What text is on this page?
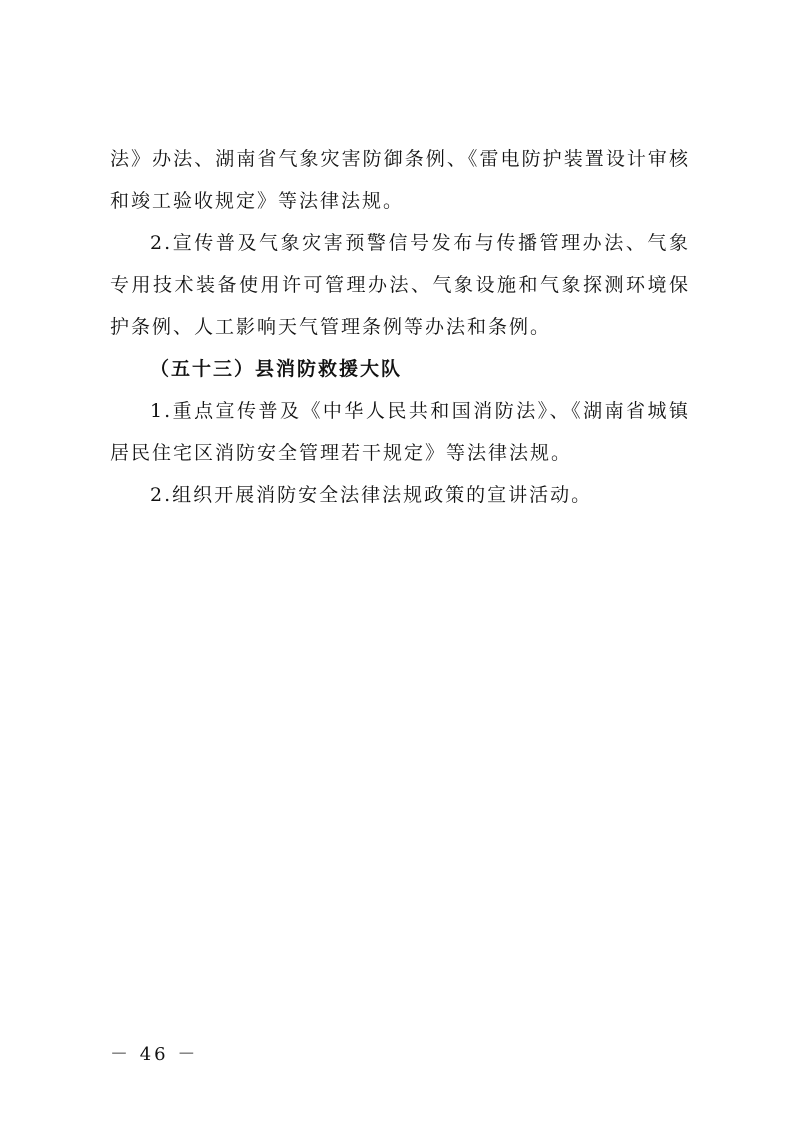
法》办法、湖南省气象灾害防御条例、《雷电防护装置设计审核和竣工验收规定》等法律法规。

2.宣传普及气象灾害预警信号发布与传播管理办法、气象专用技术装备使用许可管理办法、气象设施和气象探测环境保护条例、人工影响天气管理条例等办法和条例。

（五十三）县消防救援大队

1.重点宣传普及《中华人民共和国消防法》、《湖南省城镇居民住宅区消防安全管理若干规定》等法律法规。

2.组织开展消防安全法律法规政策的宣讲活动。

－ 46 －
